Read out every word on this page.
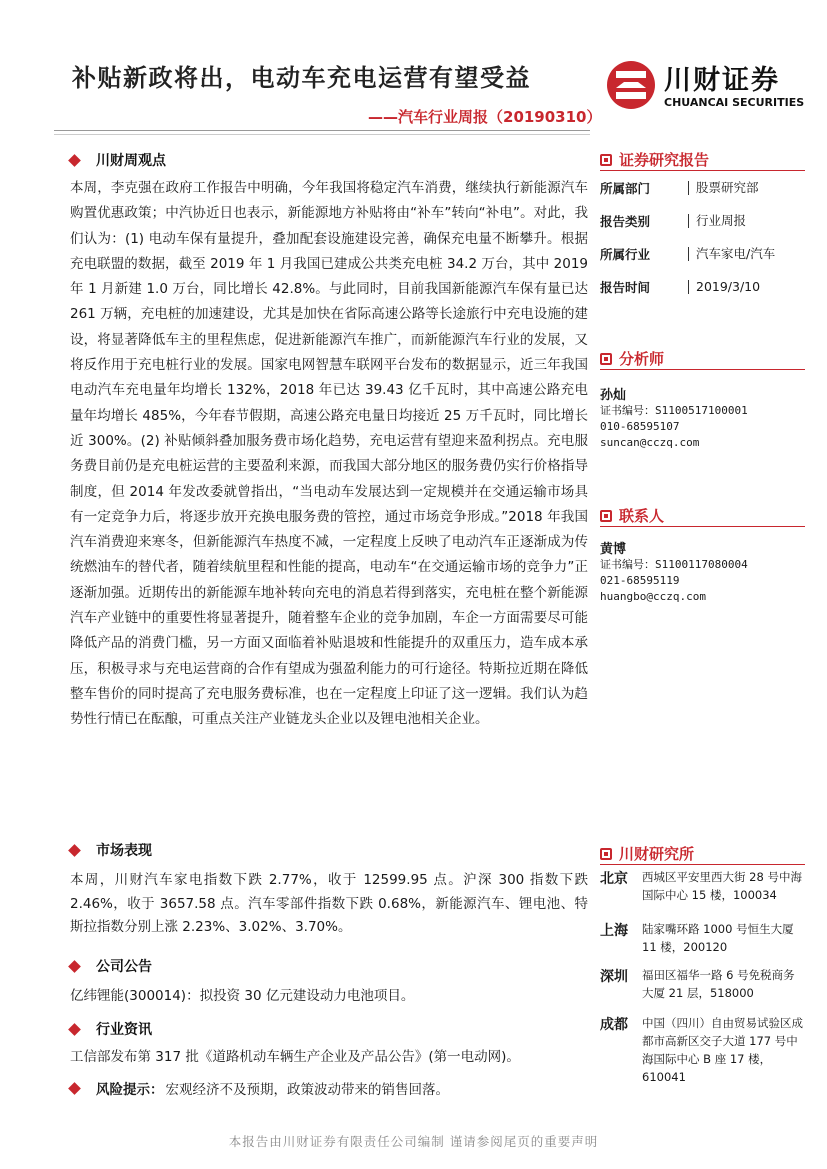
补贴新政将出，电动车充电运营有望受益
——汽车行业周报（20190310）
川财证券
CHUANCAI SECURITIES
川财周观点
本周，李克强在政府工作报告中明确，今年我国将稳定汽车消费，继续执行新能源汽车购置优惠政策；中汽协近日也表示，新能源地方补贴将由“补车”转向“补电”。对此，我们认为：(1) 电动车保有量提升，叠加配套设施建设完善，确保充电量不断攀升。根据充电联盟的数据，截至 2019 年 1 月我国已建成公共类充电桩 34.2 万台，其中 2019 年 1 月新建 1.0 万台，同比增长 42.8%。与此同时，目前我国新能源汽车保有量已达 261 万辆，充电桩的加速建设，尤其是加快在省际高速公路等长途旅行中充电设施的建设，将显著降低车主的里程焦虑，促进新能源汽车推广，而新能源汽车行业的发展，又将反作用于充电桩行业的发展。国家电网智慧车联网平台发布的数据显示，近三年我国电动汽车充电量年均增长 132%，2018 年已达 39.43 亿千瓦时，其中高速公路充电量年均增长 485%，今年春节假期，高速公路充电量日均接近 25 万千瓦时，同比增长近 300%。(2) 补贴倾斜叠加服务费市场化趋势，充电运营有望迎来盈利拐点。充电服务费目前仍是充电桩运营的主要盈利来源，而我国大部分地区的服务费仍实行价格指导制度，但 2014 年发改委就曾指出，“当电动车发展达到一定规模并在交通运输市场具有一定竞争力后，将逐步放开充换电服务费的管控，通过市场竞争形成。”2018 年我国汽车消费迎来寒冬，但新能源汽车热度不减，一定程度上反映了电动汽车正逐渐成为传统燃油车的替代者，随着续航里程和性能的提高，电动车“在交通运输市场的竞争力”正逐渐加强。近期传出的新能源车地补转向充电的消息若得到落实，充电桩在整个新能源汽车产业链中的重要性将显著提升，随着整车企业的竞争加剧，车企一方面需要尽可能降低产品的消费门槛，另一方面又面临着补贴退坡和性能提升的双重压力，造车成本承压，积极寻求与充电运营商的合作有望成为强盈利能力的可行途径。特斯拉近期在降低整车售价的同时提高了充电服务费标准，也在一定程度上印证了这一逻辑。我们认为趋势性行情已在酝酿，可重点关注产业链龙头企业以及锂电池相关企业。
市场表现
本周，川财汽车家电指数下跌 2.77%，收于 12599.95 点。沪深 300 指数下跌 2.46%，收于 3657.58 点。汽车零部件指数下跌 0.68%，新能源汽车、锂电池、特斯拉指数分别上涨 2.23%、3.02%、3.70%。
公司公告
亿纬锂能(300014)：拟投资 30 亿元建设动力电池项目。
行业资讯
工信部发布第 317 批《道路机动车辆生产企业及产品公告》(第一电动网)。
风险提示： 宏观经济不及预期，政策波动带来的销售回落。
证券研究报告
所属部门	股票研究部
报告类别	行业周报
所属行业	汽车家电/汽车
报告时间	2019/3/10
分析师
孙灿
证书编号：S1100517100001
010-68595107
suncan@cczq.com
联系人
黄博
证书编号：S1100117080004
021-68595119
huangbo@cczq.com
川财研究所
北京	西城区平安里西大街 28 号中海国际中心 15 楼，100034
上海	陆家嘴环路 1000 号恒生大厦 11 楼，200120
深圳	福田区福华一路 6 号免税商务大厦 21 层，518000
成都	中国（四川）自由贸易试验区成都市高新区交子大道 177 号中海国际中心 B 座 17 楼，610041
本报告由川财证券有限责任公司编制 谨请参阅尾页的重要声明
